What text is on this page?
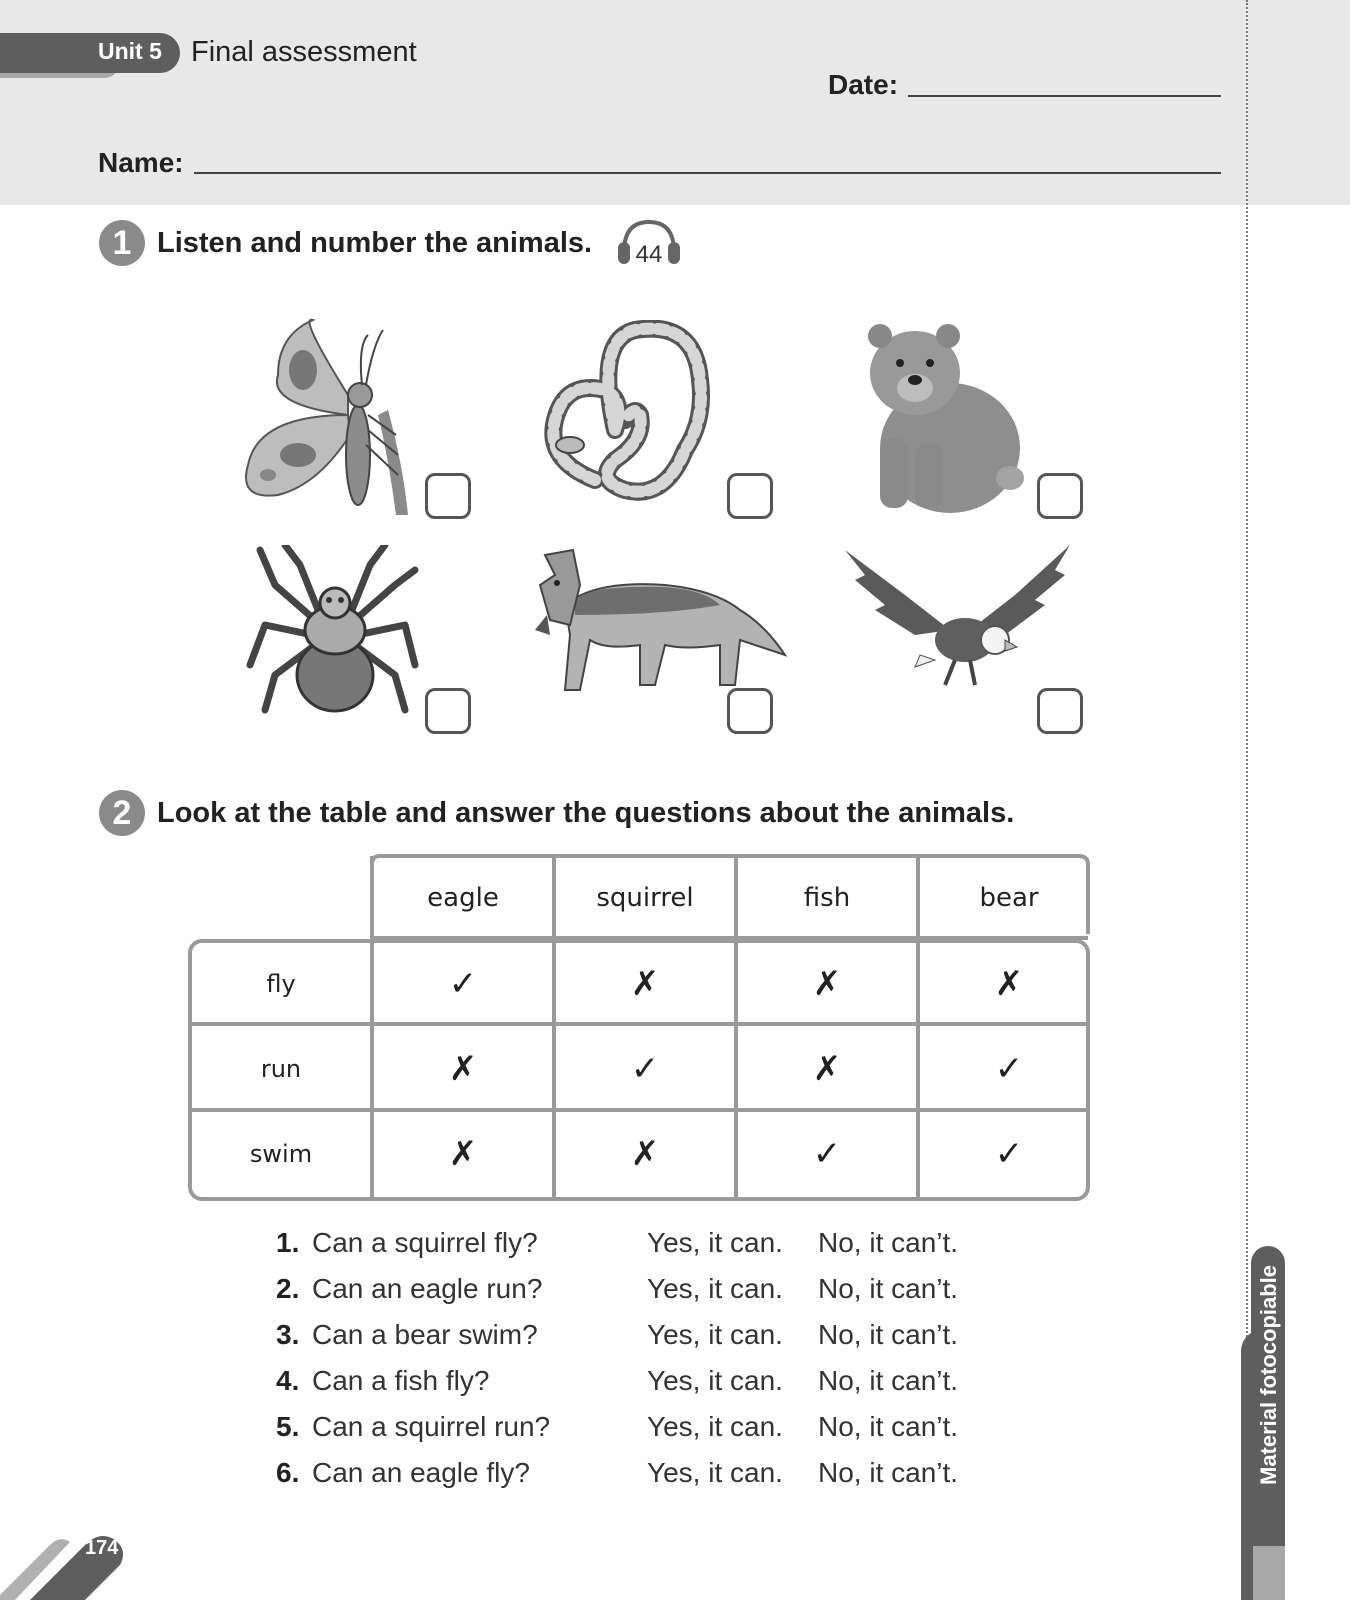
Unit 5 Final assessment
Date:
Name:
1 Listen and number the animals. 44
2 Look at the table and answer the questions about the animals.
eagle	squirrel	fish	bear
fly	✓	✗	✗	✗
run	✗	✓	✗	✓
swim	✗	✗	✓	✓
1. Can a squirrel fly?	Yes, it can. No, it can’t.
2. Can an eagle run?	Yes, it can. No, it can’t.
3. Can a bear swim?	Yes, it can. No, it can’t.
4. Can a fish fly?	Yes, it can. No, it can’t.
5. Can a squirrel run?	Yes, it can. No, it can’t.
6. Can an eagle fly?	Yes, it can. No, it can’t.	Material fotocopiable
174
